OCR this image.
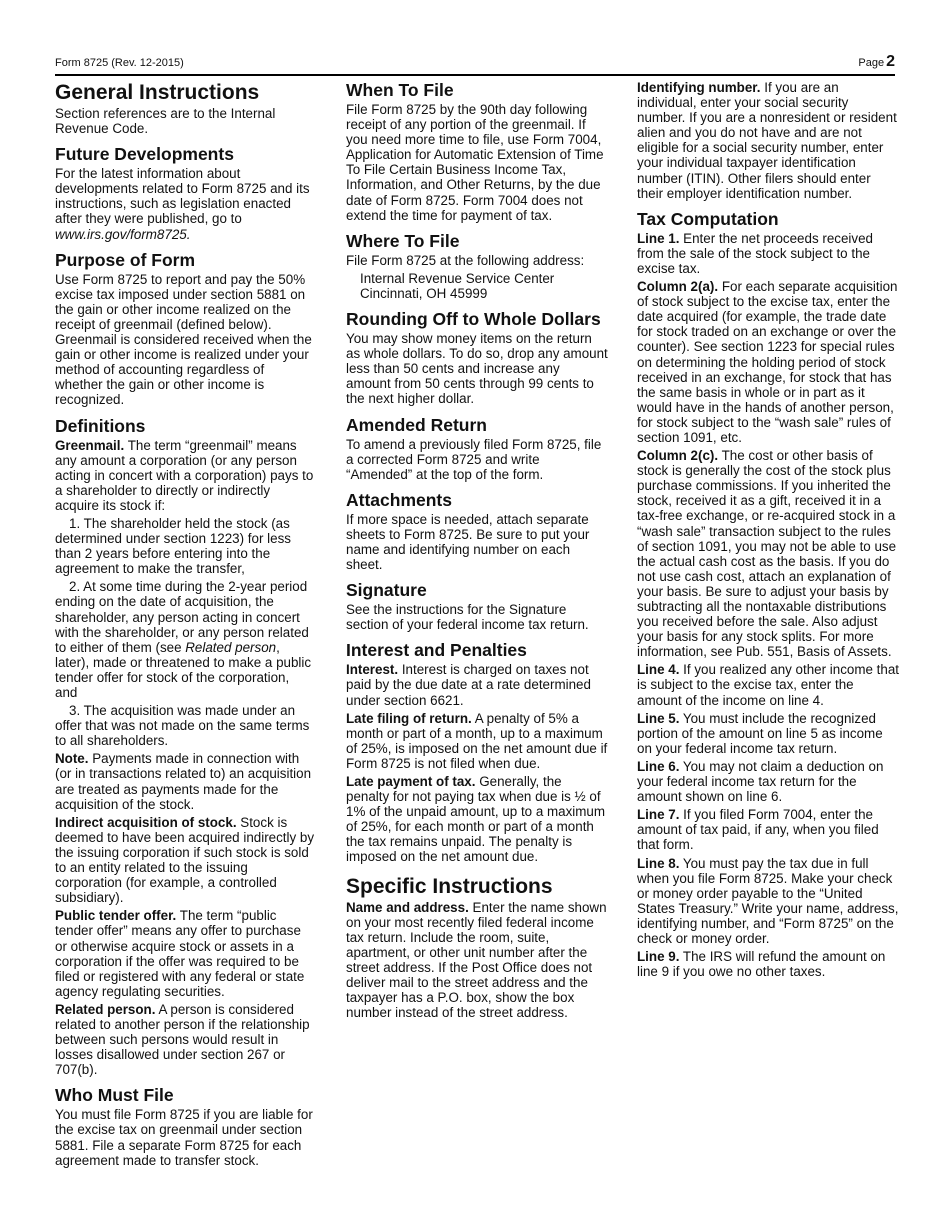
Form 8725 (Rev. 12-2015)	Page 2
General Instructions

Section references are to the Internal Revenue Code.

Future Developments

For the latest information about developments related to Form 8725 and its instructions, such as legislation enacted after they were published, go to www.irs.gov/form8725.

Purpose of Form

Use Form 8725 to report and pay the 50% excise tax imposed under section 5881 on the gain or other income realized on the receipt of greenmail (defined below). Greenmail is considered received when the gain or other income is realized under your method of accounting regardless of whether the gain or other income is recognized.

Definitions

Greenmail. The term “greenmail” means any amount a corporation (or any person acting in concert with a corporation) pays to a shareholder to directly or indirectly acquire its stock if:

1. The shareholder held the stock (as determined under section 1223) for less than 2 years before entering into the agreement to make the transfer,

2. At some time during the 2-year period ending on the date of acquisition, the shareholder, any person acting in concert with the shareholder, or any person related to either of them (see Related person, later), made or threatened to make a public tender offer for stock of the corporation, and

3. The acquisition was made under an offer that was not made on the same terms to all shareholders.

Note. Payments made in connection with (or in transactions related to) an acquisition are treated as payments made for the acquisition of the stock.

Indirect acquisition of stock. Stock is deemed to have been acquired indirectly by the issuing corporation if such stock is sold to an entity related to the issuing corporation (for example, a controlled subsidiary).

Public tender offer. The term “public tender offer” means any offer to purchase or otherwise acquire stock or assets in a corporation if the offer was required to be filed or registered with any federal or state agency regulating securities.

Related person. A person is considered related to another person if the relationship between such persons would result in losses disallowed under section 267 or 707(b).

Who Must File

You must file Form 8725 if you are liable for the excise tax on greenmail under section 5881. File a separate Form 8725 for each agreement made to transfer stock.

When To File

File Form 8725 by the 90th day following receipt of any portion of the greenmail. If you need more time to file, use Form 7004, Application for Automatic Extension of Time To File Certain Business Income Tax, Information, and Other Returns, by the due date of Form 8725. Form 7004 does not extend the time for payment of tax.

Where To File

File Form 8725 at the following address:

Internal Revenue Service Center
Cincinnati, OH 45999
Rounding Off to Whole Dollars

You may show money items on the return as whole dollars. To do so, drop any amount less than 50 cents and increase any amount from 50 cents through 99 cents to the next higher dollar.

Amended Return

To amend a previously filed Form 8725, file a corrected Form 8725 and write “Amended” at the top of the form.

Attachments

If more space is needed, attach separate sheets to Form 8725. Be sure to put your name and identifying number on each sheet.

Signature

See the instructions for the Signature section of your federal income tax return.

Interest and Penalties

Interest. Interest is charged on taxes not paid by the due date at a rate determined under section 6621.

Late filing of return. A penalty of 5% a month or part of a month, up to a maximum of 25%, is imposed on the net amount due if Form 8725 is not filed when due.

Late payment of tax. Generally, the penalty for not paying tax when due is ½ of 1% of the unpaid amount, up to a maximum of 25%, for each month or part of a month the tax remains unpaid. The penalty is imposed on the net amount due.

Specific Instructions

Name and address. Enter the name shown on your most recently filed federal income tax return. Include the room, suite, apartment, or other unit number after the street address. If the Post Office does not deliver mail to the street address and the taxpayer has a P.O. box, show the box number instead of the street address.

Identifying number. If you are an individual, enter your social security number. If you are a nonresident or resident alien and you do not have and are not eligible for a social security number, enter your individual taxpayer identification number (ITIN). Other filers should enter their employer identification number.

Tax Computation

Line 1. Enter the net proceeds received from the sale of the stock subject to the excise tax.

Column 2(a). For each separate acquisition of stock subject to the excise tax, enter the date acquired (for example, the trade date for stock traded on an exchange or over the counter). See section 1223 for special rules on determining the holding period of stock received in an exchange, for stock that has the same basis in whole or in part as it would have in the hands of another person, for stock subject to the “wash sale” rules of section 1091, etc.

Column 2(c). The cost or other basis of stock is generally the cost of the stock plus purchase commissions. If you inherited the stock, received it as a gift, received it in a tax-free exchange, or re-acquired stock in a “wash sale” transaction subject to the rules of section 1091, you may not be able to use the actual cash cost as the basis. If you do not use cash cost, attach an explanation of your basis. Be sure to adjust your basis by subtracting all the nontaxable distributions you received before the sale. Also adjust your basis for any stock splits. For more information, see Pub. 551, Basis of Assets.

Line 4. If you realized any other income that is subject to the excise tax, enter the amount of the income on line 4.

Line 5. You must include the recognized portion of the amount on line 5 as income on your federal income tax return.

Line 6. You may not claim a deduction on your federal income tax return for the amount shown on line 6.

Line 7. If you filed Form 7004, enter the amount of tax paid, if any, when you filed that form.

Line 8. You must pay the tax due in full when you file Form 8725. Make your check or money order payable to the “United States Treasury.” Write your name, address, identifying number, and “Form 8725” on the check or money order.

Line 9. The IRS will refund the amount on line 9 if you owe no other taxes.
